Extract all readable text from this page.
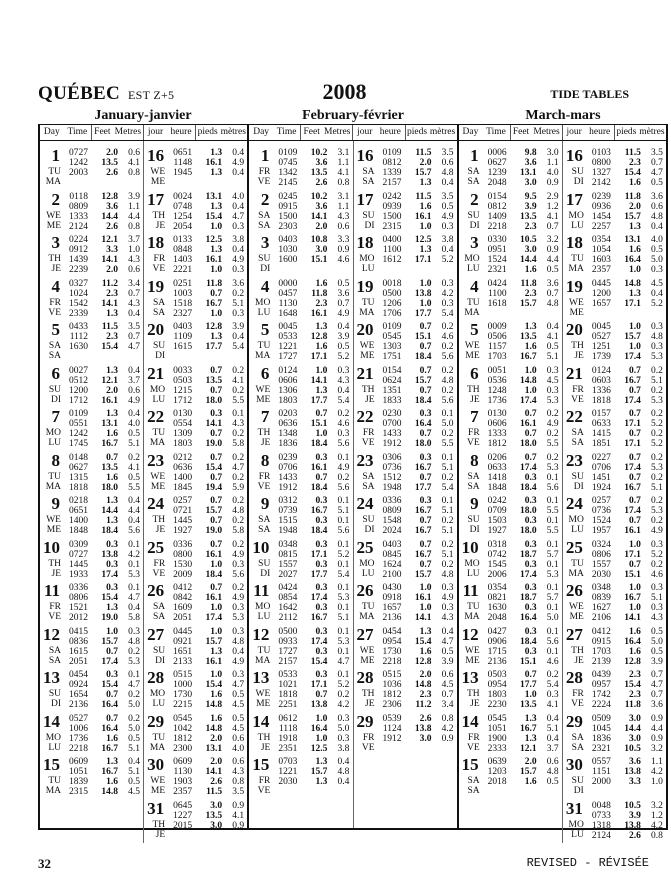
QUÉBEC EST Z+5	2008	TIDE TABLES
January-janvier	February-février	March-mars
Day Time Feet Metres jour heure pieds mètres
1
TU
MA
0727	2.0	0.6
1242	13.5	4.1
2003	2.6	0.8
2
WE
ME
0118	12.8	3.9
0809	3.6	1.1
1333	14.4	4.4
2124	2.6	0.8
3
TH
JE
0224	12.1	3.7
0912	3.3	1.0
1439	14.1	4.3
2239	2.0	0.6
4
FR
VE
0327	11.2	3.4
1024	2.3	0.7
1542	14.1	4.3
2339	1.3	0.4
5
SA
SA
0433	11.5	3.5
1112	2.3	0.7
1630	15.4	4.7
6
SU
DI
0027	1.3	0.4
0512	12.1	3.7
1200	2.0	0.6
1712	16.1	4.9
7
MO
LU
0109	1.3	0.4
0551	13.1	4.0
1242	1.6	0.5
1745	16.7	5.1
8
TU
MA
0148	0.7	0.2
0627	13.5	4.1
1315	1.6	0.5
1818	18.0	5.5
9
WE
ME
0218	1.3	0.4
0651	14.4	4.4
1400	1.3	0.4
1848	18.4	5.6
10
TH
JE
0309	0.3	0.1
0727	13.8	4.2
1445	0.3	0.1
1933	17.4	5.3
11
FR
VE
0336	0.3	0.1
0806	15.4	4.7
1521	1.3	0.4
2012	19.0	5.8
12
SA
SA
0415	1.0	0.3
0836	15.7	4.8
1615	0.7	0.2
2051	17.4	5.3
13
SU
DI
0454	0.3	0.1
0924	15.4	4.7
1654	0.7	0.2
2136	16.4	5.0
14
MO
LU
0527	0.7	0.2
1006	16.4	5.0
1736	1.6	0.5
2218	16.7	5.1
15
TU
MA
0609	1.3	0.4
1051	16.7	5.1
1839	1.6	0.5
2315	14.8	4.5
16
WE
ME
0651	1.3	0.4
1148	16.1	4.9
1945	1.3	0.4
17
TH
JE
0024	13.1	4.0
0748	1.3	0.4
1254	15.4	4.7
2054	1.0	0.3
18
FR
VE
0133	12.5	3.8
0848	1.3	0.4
1403	16.1	4.9
2221	1.0	0.3
19
SA
SA
0251	11.8	3.6
1003	0.7	0.2
1518	16.7	5.1
2327	1.0	0.3
20
SU
DI
0403	12.8	3.9
1109	1.3	0.4
1615	17.7	5.4
21
MO
LU
0033	0.7	0.2
0503	13.5	4.1
1215	0.7	0.2
1712	18.0	5.5
22
TU
MA
0130	0.3	0.1
0554	14.1	4.3
1309	0.7	0.2
1803	19.0	5.8
23
WE
ME
0212	0.7	0.2
0636	15.4	4.7
1400	0.7	0.2
1845	19.4	5.9
24
TH
JE
0257	0.7	0.2
0721	15.7	4.8
1445	0.7	0.2
1927	19.0	5.8
25
FR
VE
0336	0.7	0.2
0800	16.1	4.9
1530	1.0	0.3
2009	18.4	5.6
26
SA
SA
0412	0.7	0.2
0842	16.1	4.9
1609	1.0	0.3
2051	17.4	5.3
27
SU
DI
0445	1.0	0.3
0921	15.7	4.8
1651	1.3	0.4
2133	16.1	4.9
28
MO
LU
0515	1.0	0.3
1000	15.4	4.7
1730	1.6	0.5
2215	14.8	4.5
29
TU
MA
0545	1.6	0.5
1042	14.8	4.5
1812	2.0	0.6
2300	13.1	4.0
30
WE
ME
0609	2.0	0.6
1130	14.1	4.3
1903	2.6	0.8
2357	11.5	3.5
31
TH
JE
0645	3.0	0.9
1227	13.5	4.1
2015	3.0	0.9
Day Time Feet Metres jour heure pieds mètres
1
FR
VE
0109	10.2	3.1
0745	3.6	1.1
1342	13.5	4.1
2145	2.6	0.8
2
SA
SA
0245	10.2	3.1
0915	3.6	1.1
1500	14.1	4.3
2303	2.0	0.6
3
SU
DI
0403	10.8	3.3
1030	3.0	0.9
1600	15.1	4.6
4
MO
LU
0000	1.6	0.5
0457	11.8	3.6
1130	2.3	0.7
1648	16.1	4.9
5
TU
MA
0045	1.3	0.4
0533	12.8	3.9
1221	1.6	0.5
1727	17.1	5.2
6
WE
ME
0124	1.0	0.3
0606	14.1	4.3
1306	1.3	0.4
1803	17.7	5.4
7
TH
JE
0203	0.7	0.2
0636	15.1	4.6
1348	1.0	0.3
1836	18.4	5.6
8
FR
VE
0239	0.3	0.1
0706	16.1	4.9
1433	0.7	0.2
1912	18.4	5.6
9
SA
SA
0312	0.3	0.1
0739	16.7	5.1
1515	0.3	0.1
1948	18.4	5.6
10
SU
DI
0348	0.3	0.1
0815	17.1	5.2
1557	0.3	0.1
2027	17.7	5.4
11
MO
LU
0424	0.3	0.1
0854	17.4	5.3
1642	0.3	0.1
2112	16.7	5.1
12
TU
MA
0500	0.3	0.1
0933	17.4	5.3
1727	0.3	0.1
2157	15.4	4.7
13
WE
ME
0533	0.3	0.1
1021	17.1	5.2
1818	0.7	0.2
2251	13.8	4.2
14
TH
JE
0612	1.0	0.3
1118	16.4	5.0
1918	1.0	0.3
2351	12.5	3.8
15
FR
VE
0703	1.3	0.4
1221	15.7	4.8
2030	1.3	0.4
16
SA
SA
0109	11.5	3.5
0812	2.0	0.6
1339	15.7	4.8
2157	1.3	0.4
17
SU
DI
0242	11.5	3.5
0939	1.6	0.5
1500	16.1	4.9
2315	1.0	0.3
18
MO
LU
0400	12.5	3.8
1100	1.3	0.4
1612	17.1	5.2
19
TU
MA
0018	1.0	0.3
0500	13.8	4.2
1206	1.0	0.3
1706	17.7	5.4
20
WE
ME
0109	0.7	0.2
0545	15.1	4.6
1303	0.7	0.2
1751	18.4	5.6
21
TH
JE
0154	0.7	0.2
0624	15.7	4.8
1351	0.7	0.2
1833	18.4	5.6
22
FR
VE
0230	0.3	0.1
0700	16.4	5.0
1433	0.7	0.2
1912	18.0	5.5
23
SA
SA
0306	0.3	0.1
0736	16.7	5.1
1512	0.7	0.2
1948	17.7	5.4
24
SU
DI
0336	0.3	0.1
0809	16.7	5.1
1548	0.7	0.2
2024	16.7	5.1
25
MO
LU
0403	0.7	0.2
0845	16.7	5.1
1624	0.7	0.2
2100	15.7	4.8
26
TU
MA
0430	1.0	0.3
0918	16.1	4.9
1657	1.0	0.3
2136	14.1	4.3
27
WE
ME
0454	1.3	0.4
0954	15.4	4.7
1730	1.6	0.5
2218	12.8	3.9
28
TH
JE
0515	2.0	0.6
1036	14.8	4.5
1812	2.3	0.7
2306	11.2	3.4
29
FR
VE
0539	2.6	0.8
1124	13.8	4.2
1912	3.0	0.9
Day Time Feet Metres jour heure pieds mètres
1
SA
SA
0006	9.8	3.0
0627	3.6	1.1
1239	13.1	4.0
2048	3.0	0.9
2
SU
DI
0154	9.5	2.9
0812	3.9	1.2
1409	13.5	4.1
2218	2.3	0.7
3
MO
LU
0330	10.5	3.2
0951	3.0	0.9
1524	14.4	4.4
2321	1.6	0.5
4
TU
MA
0424	11.8	3.6
1100	2.3	0.7
1618	15.7	4.8
5
WE
ME
0009	1.3	0.4
0506	13.5	4.1
1157	1.6	0.5
1703	16.7	5.1
6
TH
JE
0051	1.0	0.3
0536	14.8	4.5
1248	1.0	0.3
1736	17.4	5.3
7
FR
VE
0130	0.7	0.2
0606	16.1	4.9
1333	0.7	0.2
1812	18.0	5.5
8
SA
SA
0206	0.7	0.2
0633	17.4	5.3
1418	0.3	0.1
1848	18.4	5.6
9
SU
DI
0242	0.3	0.1
0709	18.0	5.5
1503	0.3	0.1
1927	18.0	5.5
10
MO
LU
0318	0.3	0.1
0742	18.7	5.7
1545	0.3	0.1
2006	17.4	5.3
11
TU
MA
0354	0.3	0.1
0821	18.7	5.7
1630	0.3	0.1
2048	16.4	5.0
12
WE
ME
0427	0.3	0.1
0906	18.4	5.6
1715	0.3	0.1
2136	15.1	4.6
13
TH
JE
0503	0.7	0.2
0954	17.7	5.4
1803	1.0	0.3
2230	13.5	4.1
14
FR
VE
0545	1.3	0.4
1051	16.7	5.1
1900	1.3	0.4
2333	12.1	3.7
15
SA
SA
0639	2.0	0.6
1203	15.7	4.8
2018	1.6	0.5
16
SU
DI
0103	11.5	3.5
0800	2.3	0.7
1327	15.4	4.7
2142	1.6	0.5
17
MO
LU
0239	11.8	3.6
0936	2.0	0.6
1454	15.7	4.8
2257	1.3	0.4
18
TU
MA
0354	13.1	4.0
1054	1.6	0.5
1603	16.4	5.0
2357	1.0	0.3
19
WE
ME
0445	14.8	4.5
1200	1.3	0.4
1657	17.1	5.2
20
TH
JE
0045	1.0	0.3
0527	15.7	4.8
1251	1.0	0.3
1739	17.4	5.3
21
FR
VE
0124	0.7	0.2
0603	16.7	5.1
1336	0.7	0.2
1818	17.4	5.3
22
SA
SA
0157	0.7	0.2
0633	17.1	5.2
1415	0.7	0.2
1851	17.1	5.2
23
SU
DI
0227	0.7	0.2
0706	17.4	5.3
1451	0.7	0.2
1924	16.7	5.1
24
MO
LU
0257	0.7	0.2
0736	17.4	5.3
1524	0.7	0.2
1957	16.1	4.9
25
TU
MA
0324	1.0	0.3
0806	17.1	5.2
1557	0.7	0.2
2030	15.1	4.6
26
WE
ME
0348	1.0	0.3
0839	16.7	5.1
1627	1.0	0.3
2106	14.1	4.3
27
TH
JE
0412	1.6	0.5
0915	16.4	5.0
1703	1.6	0.5
2139	12.8	3.9
28
FR
VE
0439	2.3	0.7
0957	15.4	4.7
1742	2.3	0.7
2224	11.8	3.6
29
SA
SA
0509	3.0	0.9
1045	14.4	4.4
1836	3.0	0.9
2321	10.5	3.2
30
SU
DI
0557	3.6	1.1
1151	13.8	4.2
2000	3.3	1.0
31
MO
LU
0048	10.5	3.2
0733	3.9	1.2
1318	13.8	4.2
2124	2.6	0.8
32	REVISED - RÉVISÉE
